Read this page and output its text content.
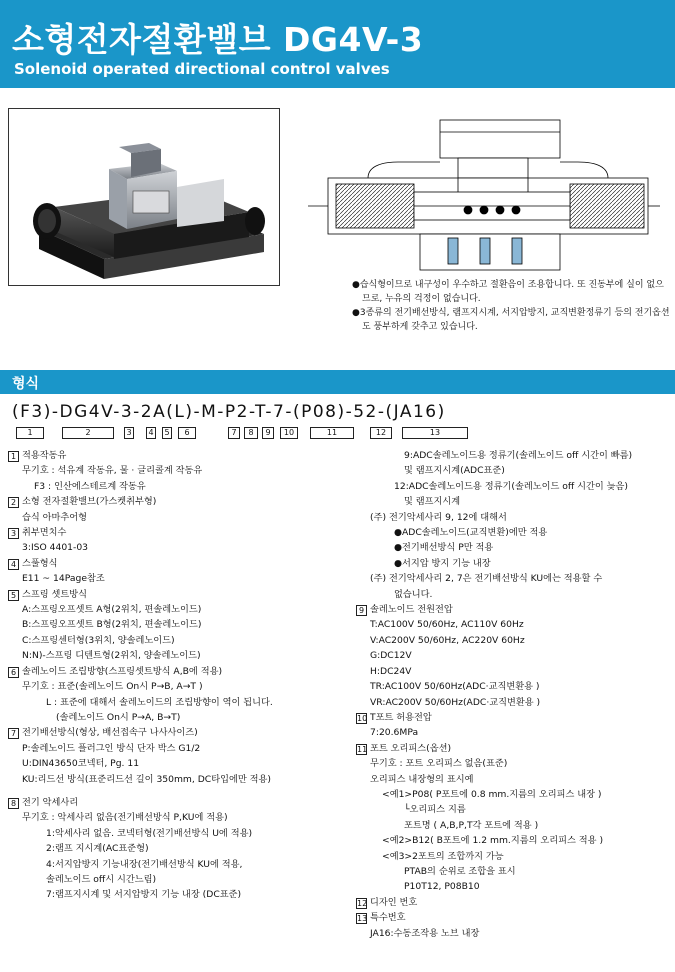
소형전자절환밸브 DG4V-3
Solenoid operated directional control valves
●습식형이므로 내구성이 우수하고 절환음이 조용합니다. 또 진동부에 실이 없으므로, 누유의 걱정이 없습니다.
●3종류의 전기배선방식, 램프지시계, 서지압방지, 교직변환정류기 등의 전기옵션도 풍부하게 갖추고 있습니다.
형식
(F3)-DG4V-3-2A(L)-M-P2-T-7-(P08)-52-(JA16)
1	2	3	4	5	6	7	8	9	10	11	12	13
1 적용작동유
무기호 : 석유계 작동유, 물 · 글리콜계 작동유
F3 : 인산에스테르계 작동유
2 소형 전자절환밸브(가스켓취부형)
습식 아마추어형
3 취부면치수
3:ISO 4401-03
4 스풀형식
E11 ~ 14Page참조
5 스프링 셋트방식
A:스프링오프셋트 A형(2위치, 편솔레노이드)
B:스프링오프셋트 B형(2위치, 편솔레노이드)
C:스프링센터형(3위치, 양솔레노이드)
N:N)-스프링 디텐트형(2위치, 양솔레노이드)
6 솔레노이드 조립방향(스프링셋트방식 A,B에 적용)
무기호 : 표준(솔레노이드 On시 P→B, A→T )
L : 표준에 대해서 솔레노이드의 조립방향이 역이 됩니다.
(솔레노이드 On시 P→A, B→T)
7 전기배선방식(형상, 배선접속구 나사사이즈)
P:솔레노이드 플러그인 방식 단자 박스 G1/2
U:DIN43650코넥터, Pg. 11
KU:리드선 방식(표준리드선 길이 350mm, DC타입에만 적용)
8 전기 악세사리
무기호 : 악세사리 없음(전기배선방식 P,KU에 적용)
1:악세사리 없음. 코넥터형(전기배선방식 U에 적용)
2:램프 지시계(AC표준형)
4:서지압방지 기능내장(전기배선방식 KU에 적용,
솔레노이드 off시 시간느림)
7:램프지시계 및 서지압방지 기능 내장 (DC표준)
9:ADC솔레노이드용 정류기(솔레노이드 off 시간이 빠름)
및 램프지시계(ADC표준)
12:ADC솔레노이드용 정류기(솔레노이드 off 시간이 늦음)
및 램프지시계
(주) 전기악세사리 9, 12에 대해서
●ADC솔레노이드(교직변환)에만 적용
●전기배선방식 P만 적용
●서지압 방지 기능 내장
(주) 전기악세사리 2, 7은 전기배선방식 KU에는 적용할 수
없습니다.
9 솔레노이드 전원전압
T:AC100V 50/60Hz, AC110V 60Hz
V:AC200V 50/60Hz, AC220V 60Hz
G:DC12V
H:DC24V
TR:AC100V 50/60Hz(ADC·교직변환용 )
VR:AC200V 50/60Hz(ADC·교직변환용 )
10 T포트 허용전압
7:20.6MPa
11 포트 오리피스(옵션)
무기호 : 포트 오리피스 없음(표준)
오리피스 내장형의 표시예
<예1>P08( P포트에 0.8 mm.지름의 오리피스 내장 )
└오리피스 지름
포트명 ( A,B,P,T각 포트에 적용 )
<예2>B12( B포트에 1.2 mm.지름의 오리피스 적용 )
<예3>2포트의 조합까지 가능
PTAB의 순위로 조합을 표시
P10T12, P08B10
12 디자인 번호
13 특수번호
JA16:수동조작용 노브 내장
